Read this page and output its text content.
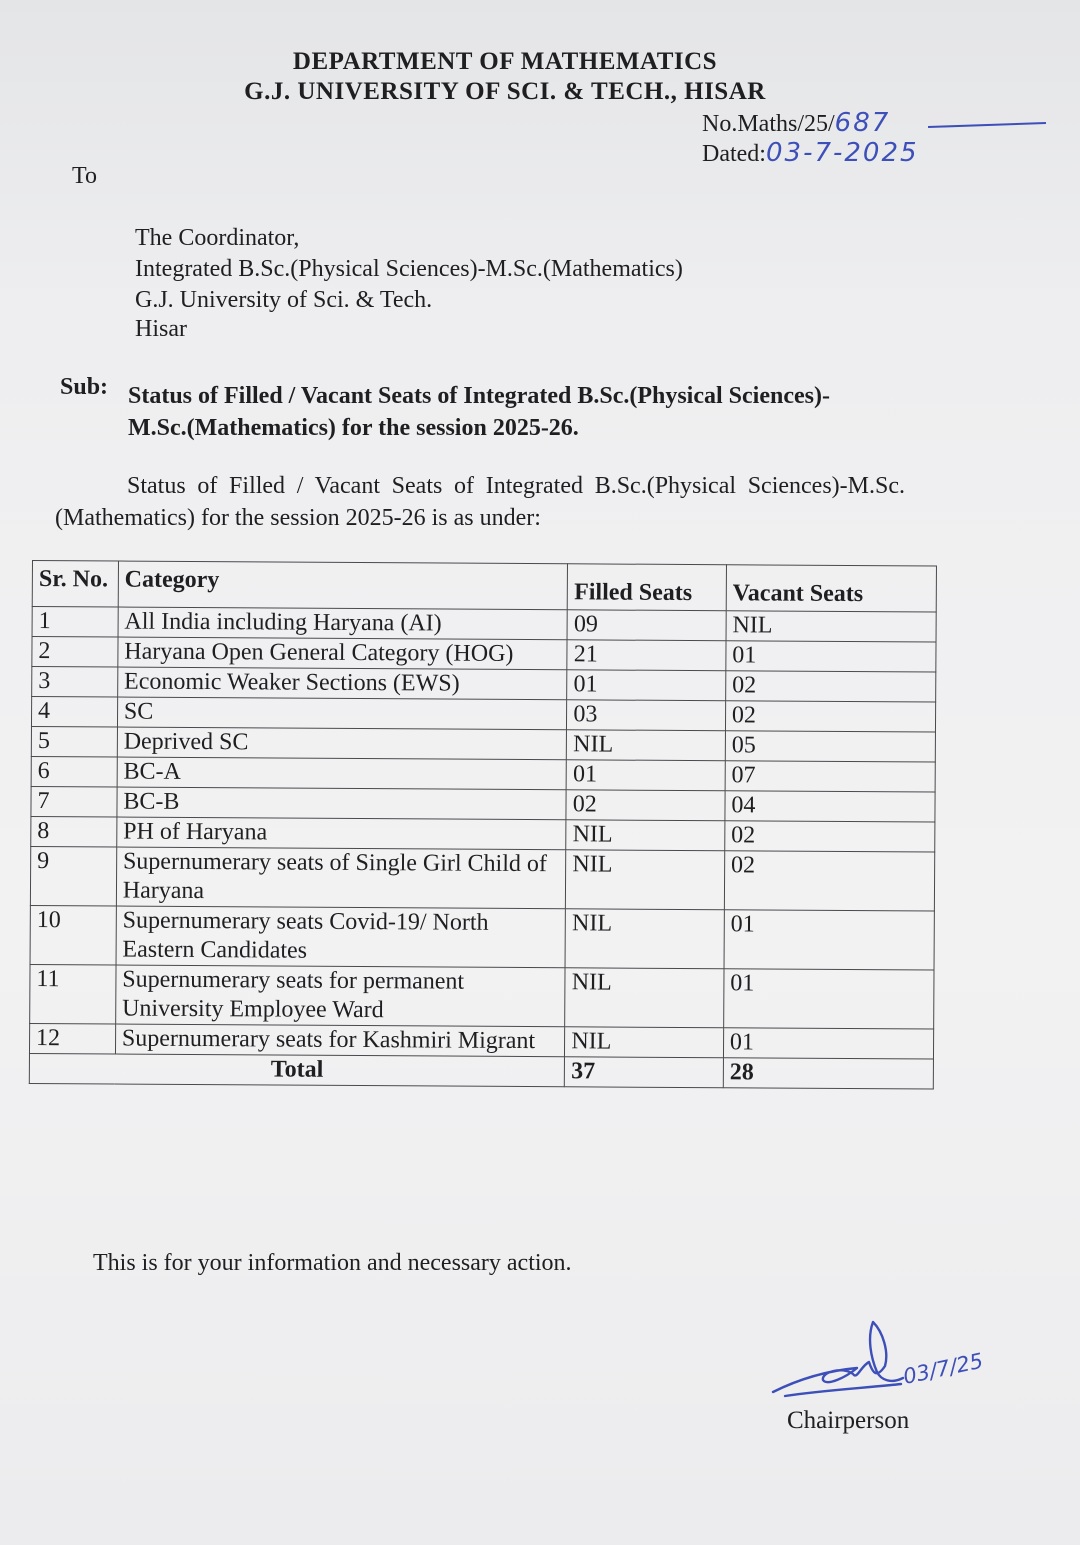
DEPARTMENT OF MATHEMATICS
G.J. UNIVERSITY OF SCI. & TECH., HISAR
No.Maths/25/687
Dated:03-7-2025
To
The Coordinator,
Integrated B.Sc.(Physical Sciences)-M.Sc.(Mathematics)
G.J. University of Sci. & Tech.
Hisar
Sub: Status of Filled / Vacant Seats of Integrated B.Sc.(Physical Sciences)-M.Sc.(Mathematics) for the session 2025-26.
Status of Filled / Vacant Seats of Integrated B.Sc.(Physical Sciences)-M.Sc.(Mathematics) for the session 2025-26 is as under:
Sr. No.	Category	Filled Seats	Vacant Seats
1	All India including Haryana (AI)	09	NIL
2	Haryana Open General Category (HOG)	21	01
3	Economic Weaker Sections (EWS)	01	02
4	SC	03	02
5	Deprived SC	NIL	05
6	BC-A	01	07
7	BC-B	02	04
8	PH of Haryana	NIL	02
9	Supernumerary seats of Single Girl Child of Haryana	NIL	02
10	Supernumerary seats Covid-19/ North Eastern Candidates	NIL	01
11	Supernumerary seats for permanent University Employee Ward	NIL	01
12	Supernumerary seats for Kashmiri Migrant	NIL	01
Total		37	28
This is for your information and necessary action.
03/7/25
Chairperson
